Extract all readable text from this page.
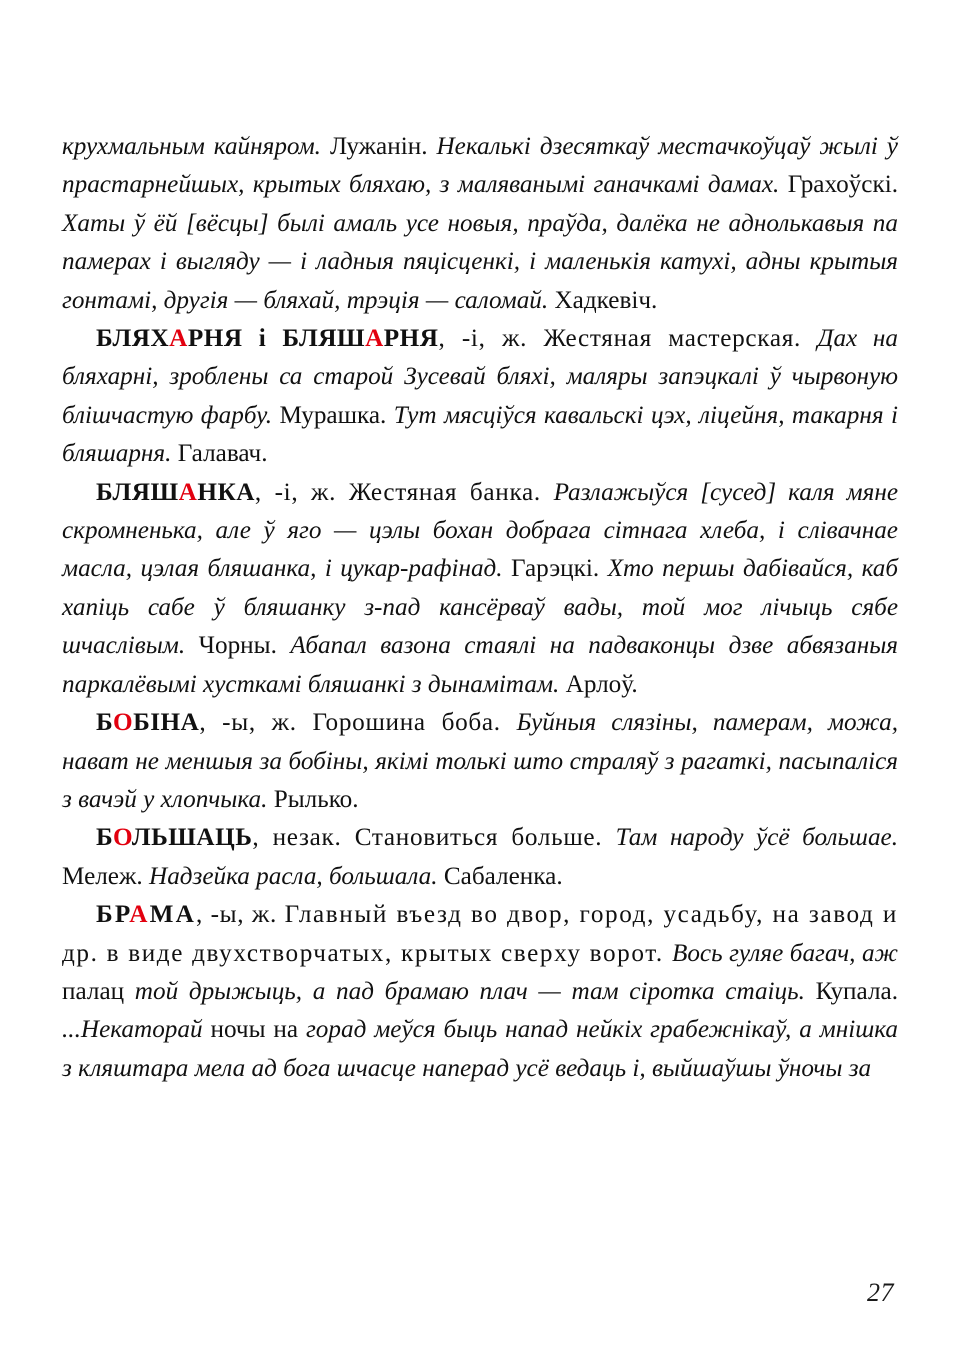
крухмальным кайняром. Лужанін. Некалькі дзесяткаў местачкоўцаў жылі ў прастарнейшых, крытых бляхаю, з маляванымі ганачкамі дамах. Грахоўскі. Хаты ў ёй [вёсцы] былі амаль усе новыя, праўда, далёка не аднолькавыя па памерах і выгляду — і ладныя пяцісценкі, і маленькія катухі, адны крытыя гонтамі, другія — бляхай, трэція — саломай. Хадкевіч.

БЛЯХАРНЯ і БЛЯШАРНЯ, -і, ж. Жестяная мастерская. Дах на бляхарні, зроблены са старой Зусевай бляхі, маляры запэцкалі ў чырвоную блішчастую фарбу. Мурашка. Тут мясціўся кавальскі цэх, ліцейня, такарня і бляшарня. Галавач.

БЛЯШАНКА, -і, ж. Жестяная банка. Разлажыўся [сусед] каля мяне скромненька, але ў яго — цэлы бохан добрага сітнага хлеба, і слівачнае масла, цэлая бляшанка, і цукар-рафінад. Гарэцкі. Хто першы дабівайся, каб хапіць сабе ў бляшанку з-пад кансёрваў вады, той мог лічыць сябе шчаслівым. Чорны. Абапал вазона стаялі на падваконцы дзве абвязаныя паркалёвымі хусткамі бляшанкі з дынамітам. Арлоў.

БОБІНА, -ы, ж. Горошина боба. Буйныя слязіны, памерам, можа, нават не меншыя за бобіны, якімі толькі што страляў з рагаткі, пасыпаліся з вачэй у хлопчыка. Рылько.

БОЛЬШАЦЬ, незак. Становиться больше. Там народу ўсё большае. Мележ. Надзейка расла, большала. Сабаленка.

БРАМА, -ы, ж. Главный въезд во двор, город, усадьбу, на завод и др. в виде двухстворчатых, крытых сверху ворот. Вось гуляе багач, аж палац той дрыжыць, а пад брамаю плач — там сіротка стаіць. Купала. ...Некаторай ночы на горад меўся быць напад нейкіх грабежнікаў, а мнішка з кляштара мела ад бога шчасце наперад усё ведаць і, выйшаўшы ўночы за

27
